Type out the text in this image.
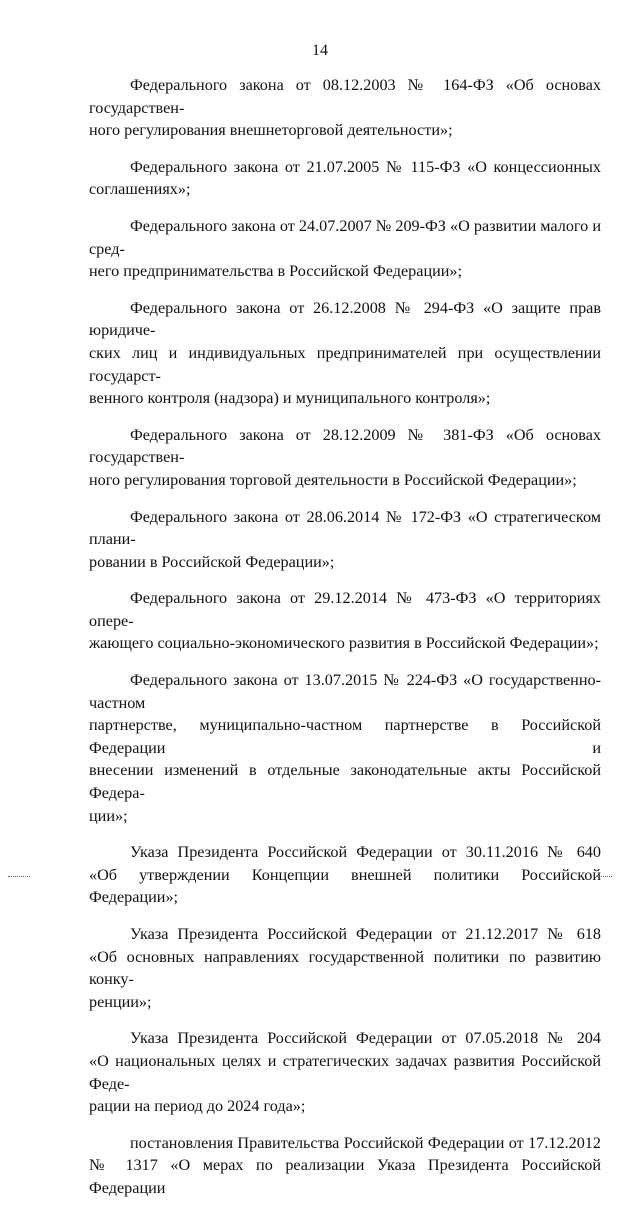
14

Федерального закона от 08.12.2003 № 164-ФЗ «Об основах государствен-
ного регулирования внешнеторговой деятельности»;

Федерального закона от 21.07.2005 № 115-ФЗ «О концессионных
соглашениях»;

Федерального закона от 24.07.2007 № 209-ФЗ «О развитии малого и сред-
него предпринимательства в Российской Федерации»;

Федерального закона от 26.12.2008 № 294-ФЗ «О защите прав юридиче-
ских лиц и индивидуальных предпринимателей при осуществлении государст-
венного контроля (надзора) и муниципального контроля»;

Федерального закона от 28.12.2009 № 381-ФЗ «Об основах государствен-
ного регулирования торговой деятельности в Российской Федерации»;

Федерального закона от 28.06.2014 № 172-ФЗ «О стратегическом плани-
ровании в Российской Федерации»;

Федерального закона от 29.12.2014 № 473-ФЗ «О территориях опере-
жающего социально-экономического развития в Российской Федерации»;

Федерального закона от 13.07.2015 № 224-ФЗ «О государственно-частном
партнерстве, муниципально-частном партнерстве в Российской Федерации и
внесении изменений в отдельные законодательные акты Российской Федера-
ции»;

Указа Президента Российской Федерации от 30.11.2016 № 640
«Об утверждении Концепции внешней политики Российской Федерации»;

Указа Президента Российской Федерации от 21.12.2017 № 618
«Об основных направлениях государственной политики по развитию конку-
ренции»;

Указа Президента Российской Федерации от 07.05.2018 № 204
«О национальных целях и стратегических задачах развития Российской Феде-
рации на период до 2024 года»;

постановления Правительства Российской Федерации от 17.12.2012
№ 1317 «О мерах по реализации Указа Президента Российской Федерации
